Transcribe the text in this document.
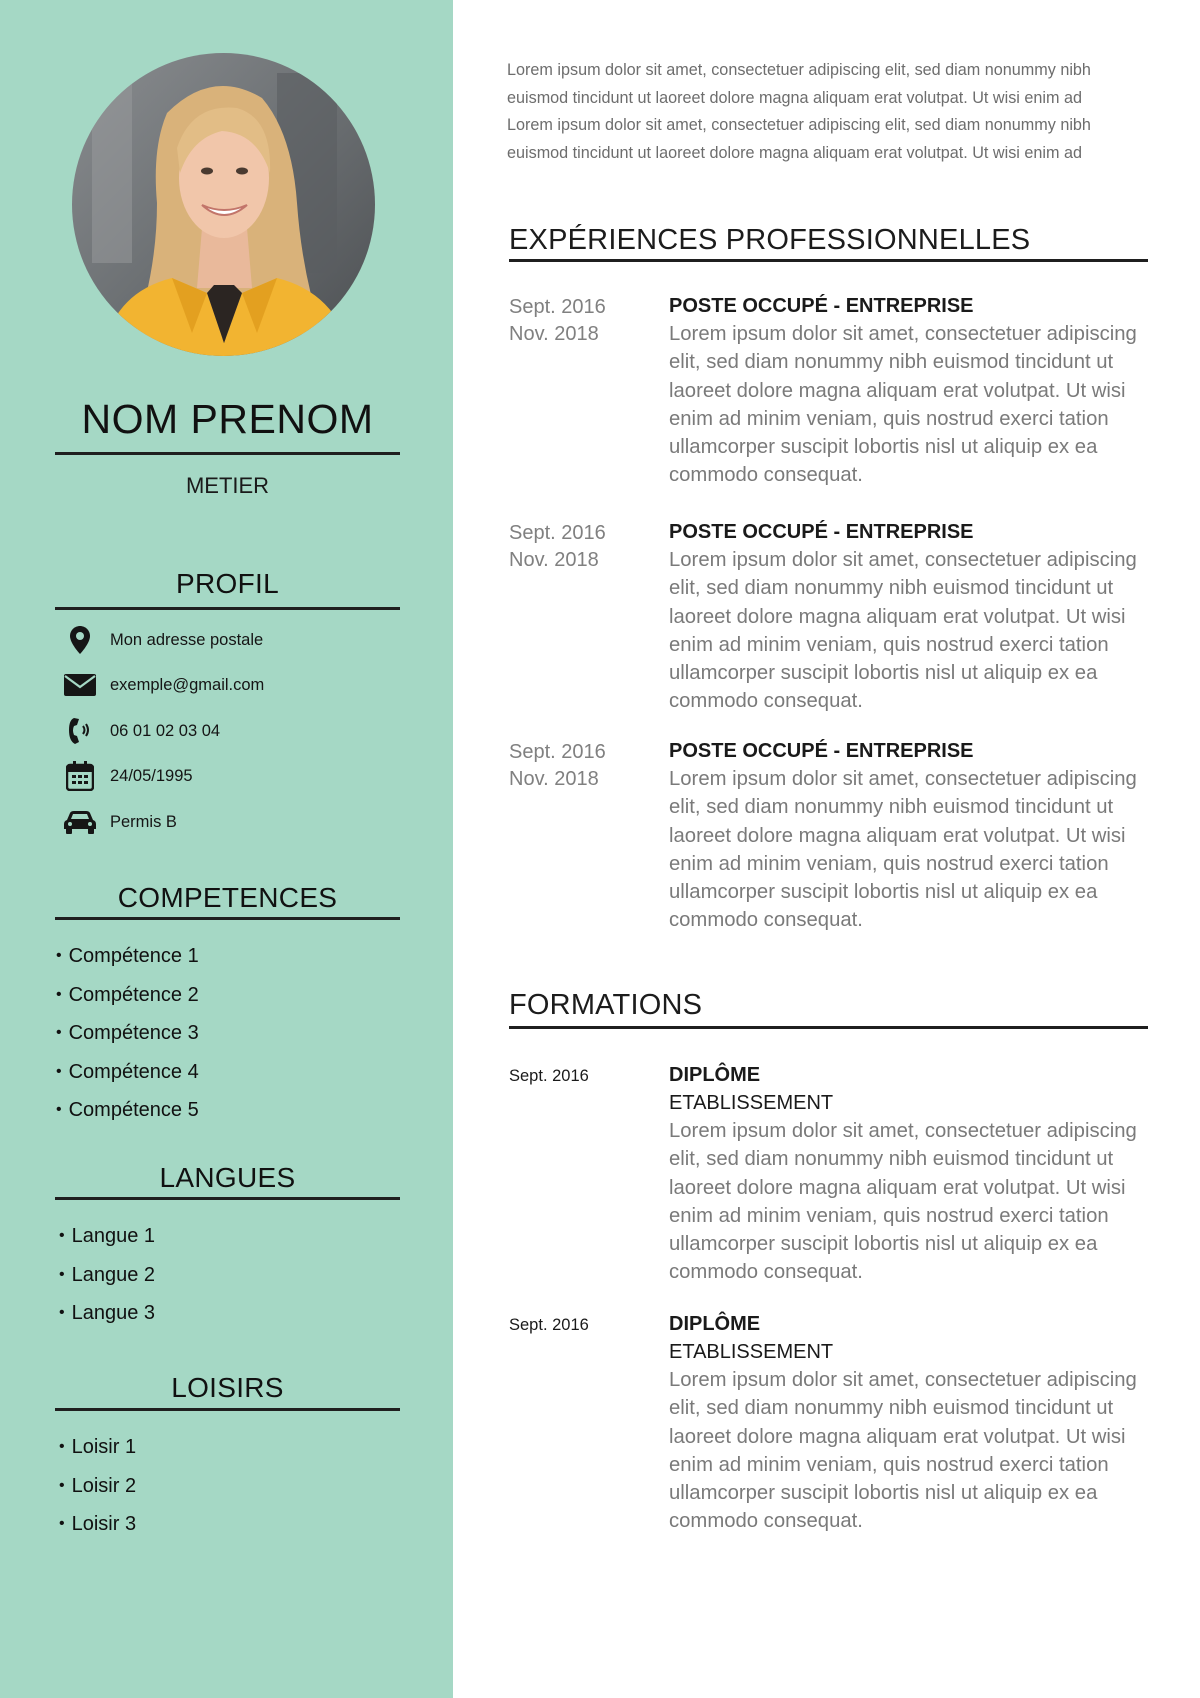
NOM PRENOM
METIER
PROFIL
Mon adresse postale
exemple@gmail.com
06 01 02 03 04
24/05/1995
Permis B
COMPETENCES
• Compétence 1
• Compétence 2
• Compétence 3
• Compétence 4
• Compétence 5
LANGUES
• Langue 1
• Langue 2
• Langue 3
LOISIRS
• Loisir 1
• Loisir 2
• Loisir 3
Lorem ipsum dolor sit amet, consectetuer adipiscing elit, sed diam nonummy nibh euismod tincidunt ut laoreet dolore magna aliquam erat volutpat. Ut wisi enim ad Lorem ipsum dolor sit amet, consectetuer adipiscing elit, sed diam nonummy nibh euismod tincidunt ut laoreet dolore magna aliquam erat volutpat. Ut wisi enim ad
EXPÉRIENCES PROFESSIONNELLES
Sept. 2016
Nov. 2018
POSTE OCCUPÉ - ENTREPRISE
Lorem ipsum dolor sit amet, consectetuer adipiscing elit, sed diam nonummy nibh euismod tincidunt ut laoreet dolore magna aliquam erat volutpat. Ut wisi enim ad minim veniam, quis nostrud exerci tation ullamcorper suscipit lobortis nisl ut aliquip ex ea commodo consequat.
Sept. 2016
Nov. 2018
POSTE OCCUPÉ - ENTREPRISE
Lorem ipsum dolor sit amet, consectetuer adipiscing elit, sed diam nonummy nibh euismod tincidunt ut laoreet dolore magna aliquam erat volutpat. Ut wisi enim ad minim veniam, quis nostrud exerci tation ullamcorper suscipit lobortis nisl ut aliquip ex ea commodo consequat.
Sept. 2016
Nov. 2018
POSTE OCCUPÉ - ENTREPRISE
Lorem ipsum dolor sit amet, consectetuer adipiscing elit, sed diam nonummy nibh euismod tincidunt ut laoreet dolore magna aliquam erat volutpat. Ut wisi enim ad minim veniam, quis nostrud exerci tation ullamcorper suscipit lobortis nisl ut aliquip ex ea commodo consequat.
FORMATIONS
Sept. 2016	DIPLÔME
ETABLISSEMENT
Lorem ipsum dolor sit amet, consectetuer adipiscing elit, sed diam nonummy nibh euismod tincidunt ut laoreet dolore magna aliquam erat volutpat. Ut wisi enim ad minim veniam, quis nostrud exerci tation ullamcorper suscipit lobortis nisl ut aliquip ex ea commodo consequat.
Sept. 2016	DIPLÔME
ETABLISSEMENT
Lorem ipsum dolor sit amet, consectetuer adipiscing elit, sed diam nonummy nibh euismod tincidunt ut laoreet dolore magna aliquam erat volutpat. Ut wisi enim ad minim veniam, quis nostrud exerci tation ullamcorper suscipit lobortis nisl ut aliquip ex ea commodo consequat.
